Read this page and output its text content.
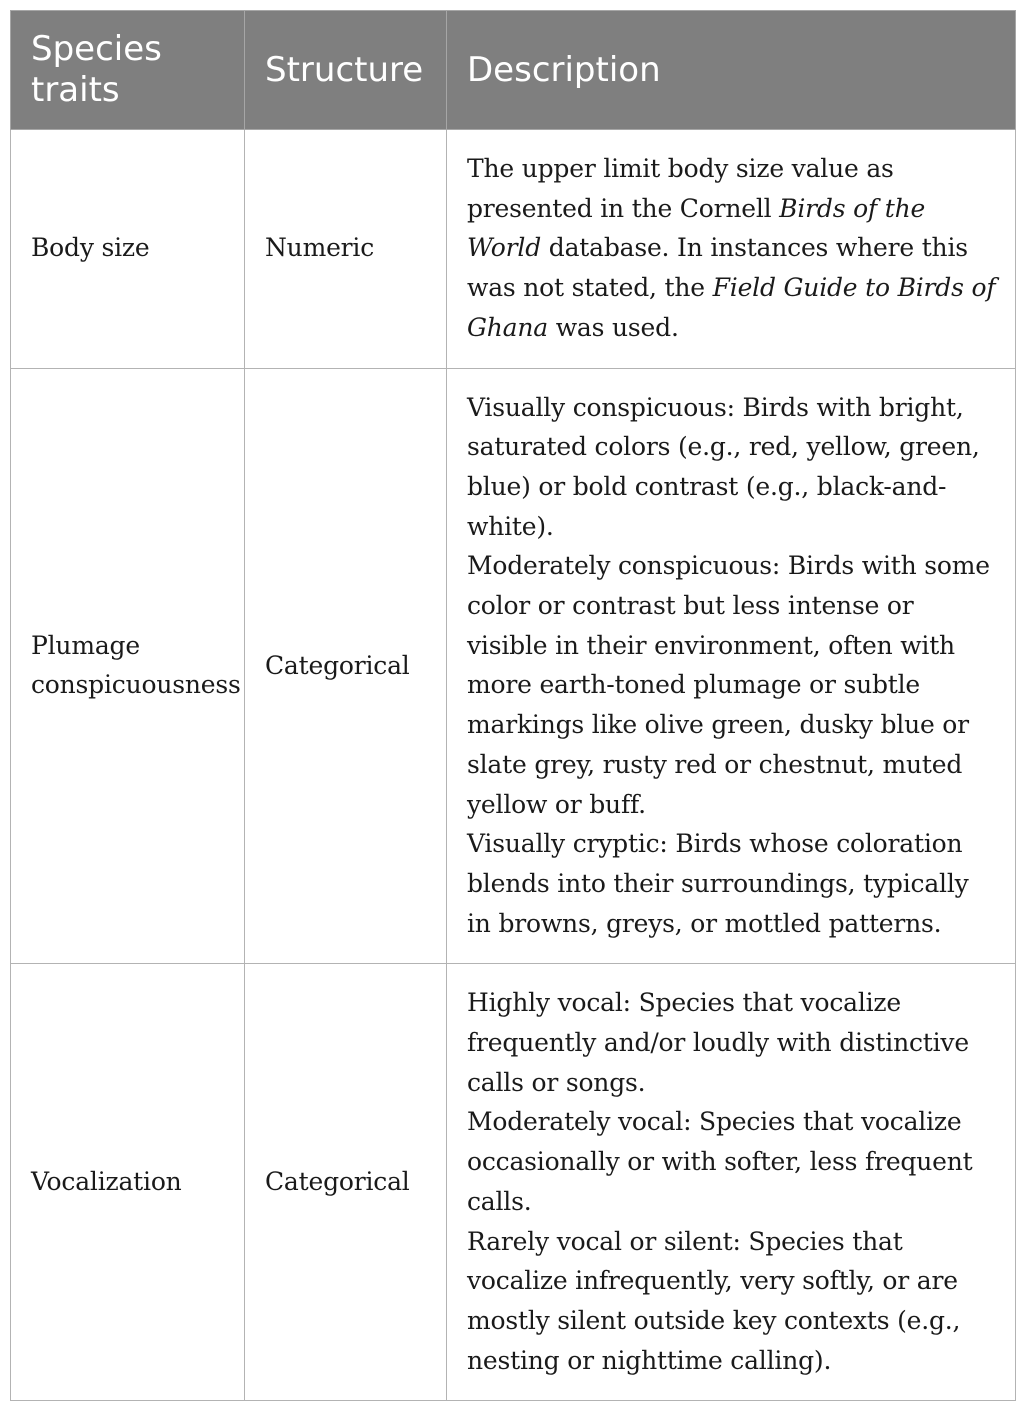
Species
traits	Structure	Description
Body size	Numeric	The upper limit body size value as presented in the Cornell Birds of the World database. In instances where this was not stated, the Field Guide to Birds of Ghana was used.

Plumage
conspicuousness	Categorical	Visually conspicuous: Birds with bright, saturated colors (e.g., red, yellow, green, blue) or bold contrast (e.g., black-and-white).
Moderately conspicuous: Birds with some color or contrast but less intense or visible in their environment, often with more earth-toned plumage or subtle markings like olive green, dusky blue or slate grey, rusty red or chestnut, muted yellow or buff.
Visually cryptic: Birds whose coloration blends into their surroundings, typically in browns, greys, or mottled patterns.

Vocalization	Categorical	Highly vocal: Species that vocalize frequently and/or loudly with distinctive calls or songs.
Moderately vocal: Species that vocalize occasionally or with softer, less frequent calls.
Rarely vocal or silent: Species that vocalize infrequently, very softly, or are mostly silent outside key contexts (e.g., nesting or nighttime calling).
